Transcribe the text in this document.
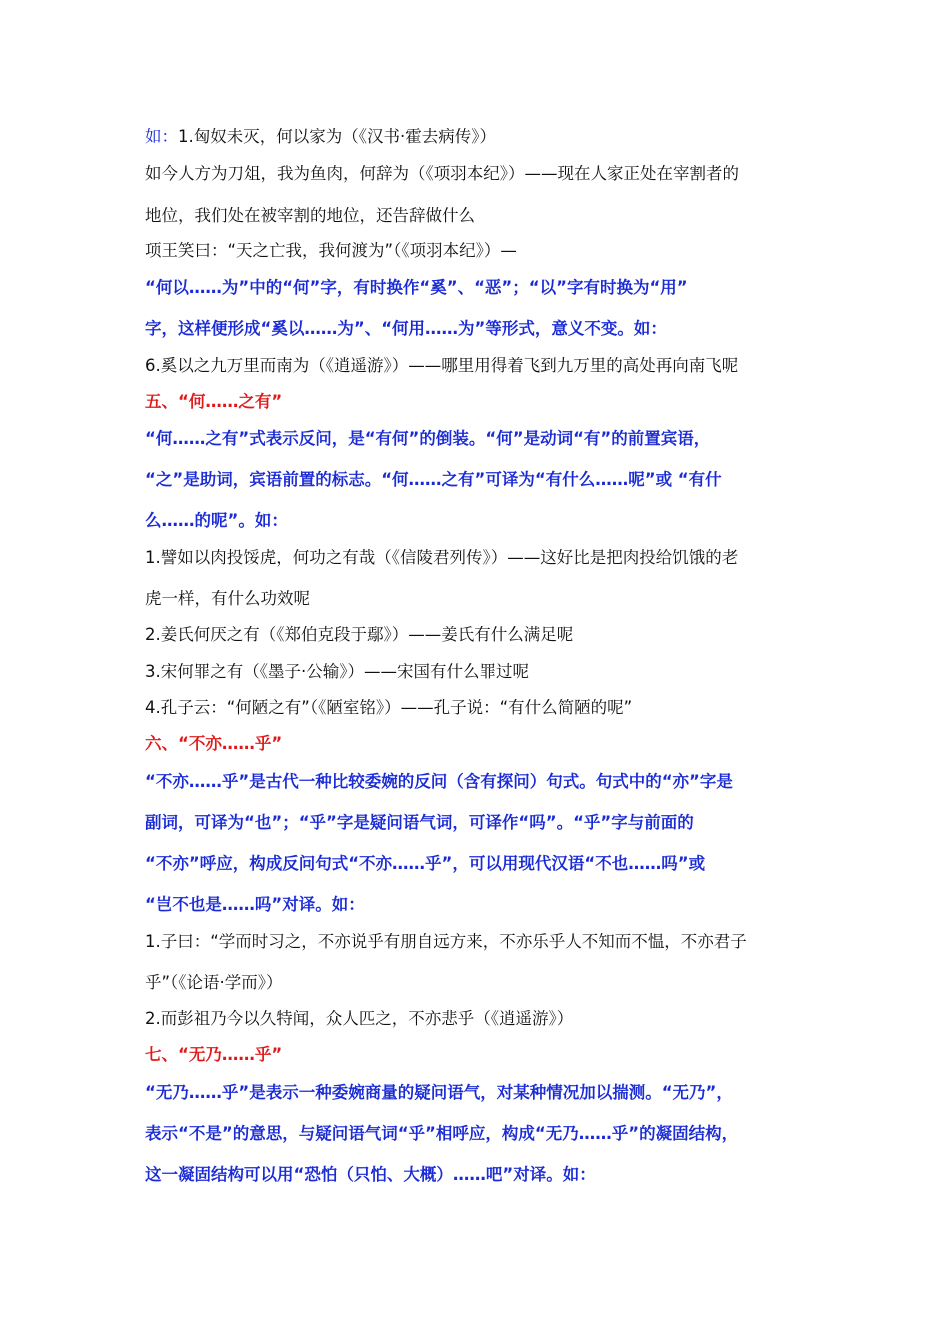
如：1.匈奴未灭，何以家为（《汉书·霍去病传》）
如今人方为刀俎，我为鱼肉，何辞为（《项羽本纪》）——现在人家正处在宰割者的
地位，我们处在被宰割的地位，还告辞做什么
项王笑曰：“天之亡我，我何渡为”（《项羽本纪》）—
“何以……为”中的“何”字，有时换作“奚”、“恶”；“以”字有时换为“用”
字，这样便形成“奚以……为”、“何用……为”等形式，意义不变。如：
6.奚以之九万里而南为（《逍遥游》）——哪里用得着飞到九万里的高处再向南飞呢
五、“何……之有”
“何……之有”式表示反问，是“有何”的倒装。“何”是动词“有”的前置宾语，
“之”是助词，宾语前置的标志。“何……之有”可译为“有什么……呢”或 “有什
么……的呢”。如：
1.譬如以肉投馁虎，何功之有哉（《信陵君列传》）——这好比是把肉投给饥饿的老
虎一样，有什么功效呢
2.姜氏何厌之有（《郑伯克段于鄢》）——姜氏有什么满足呢
3.宋何罪之有（《墨子·公输》）——宋国有什么罪过呢
4.孔子云：“何陋之有”（《陋室铭》）——孔子说：“有什么简陋的呢”
六、“不亦……乎”
“不亦……乎”是古代一种比较委婉的反问（含有探问）句式。句式中的“亦”字是
副词，可译为“也”；“乎”字是疑问语气词，可译作“吗”。“乎”字与前面的
“不亦”呼应，构成反问句式“不亦……乎”，可以用现代汉语“不也……吗”或
“岂不也是……吗”对译。如：
1.子曰：“学而时习之，不亦说乎有朋自远方来，不亦乐乎人不知而不愠，不亦君子
乎”（《论语·学而》）
2.而彭祖乃今以久特闻，众人匹之，不亦悲乎（《逍遥游》）
七、“无乃……乎”
“无乃……乎”是表示一种委婉商量的疑问语气，对某种情况加以揣测。“无乃”，
表示“不是”的意思，与疑问语气词“乎”相呼应，构成“无乃……乎”的凝固结构，
这一凝固结构可以用“恐怕（只怕、大概）……吧”对译。如：
